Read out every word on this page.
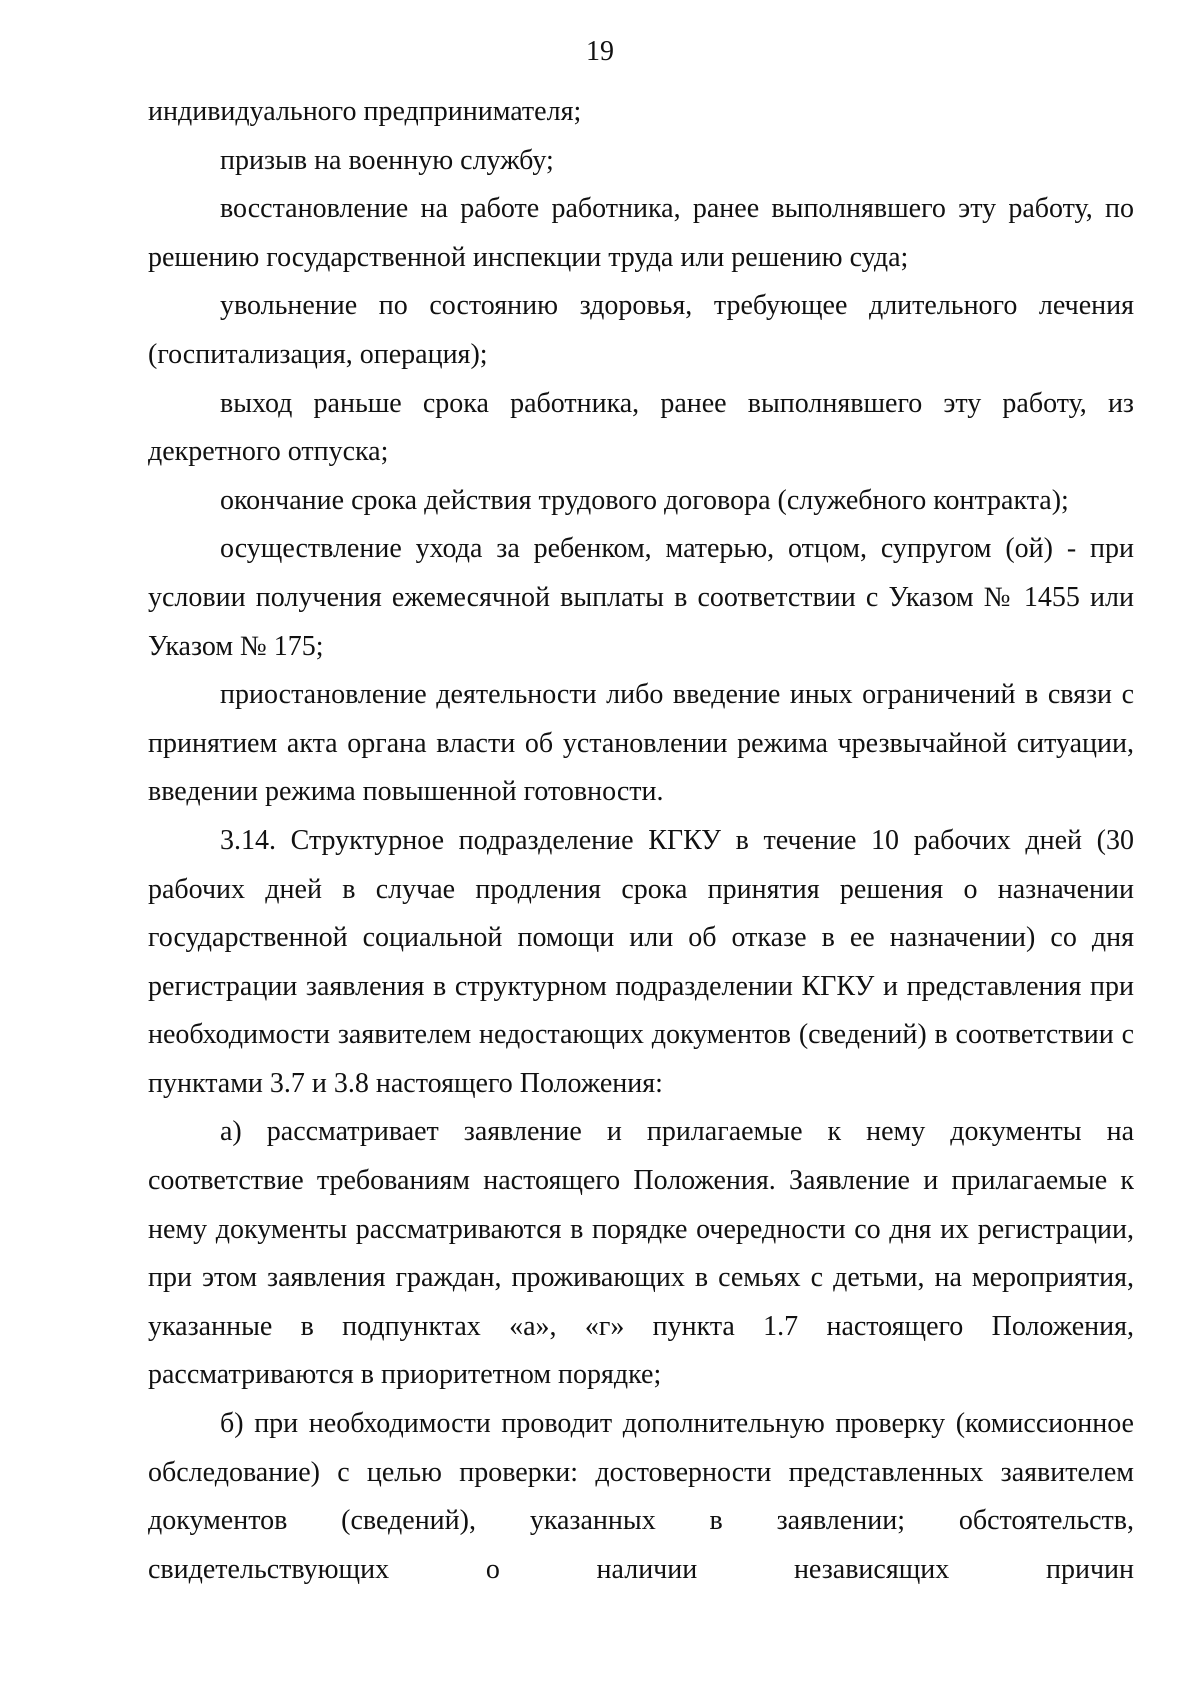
19

индивидуального предпринимателя;

призыв на военную службу;

восстановление на работе работника, ранее выполнявшего эту работу, по решению государственной инспекции труда или решению суда;

увольнение по состоянию здоровья, требующее длительного лечения (госпитализация, операция);

выход раньше срока работника, ранее выполнявшего эту работу, из декретного отпуска;

окончание срока действия трудового договора (служебного контракта);

осуществление ухода за ребенком, матерью, отцом, супругом (ой) - при условии получения ежемесячной выплаты в соответствии с Указом № 1455 или Указом № 175;

приостановление деятельности либо введение иных ограничений в связи с принятием акта органа власти об установлении режима чрезвычайной ситуации, введении режима повышенной готовности.

3.14. Структурное подразделение КГКУ в течение 10 рабочих дней (30 рабочих дней в случае продления срока принятия решения о назначении государственной социальной помощи или об отказе в ее назначении) со дня регистрации заявления в структурном подразделении КГКУ и представления при необходимости заявителем недостающих документов (сведений) в соответствии с пунктами 3.7 и 3.8 настоящего Положения:

а) рассматривает заявление и прилагаемые к нему документы на соответствие требованиям настоящего Положения. Заявление и прилагаемые к нему документы рассматриваются в порядке очередности со дня их регистрации, при этом заявления граждан, проживающих в семьях с детьми, на мероприятия, указанные в подпунктах «а», «г» пункта 1.7 настоящего Положения, рассматриваются в приоритетном порядке;

б) при необходимости проводит дополнительную проверку (комиссионное обследование) с целью проверки: достоверности представленных заявителем документов (сведений), указанных в заявлении; обстоятельств, свидетельствующих о наличии независящих причин
